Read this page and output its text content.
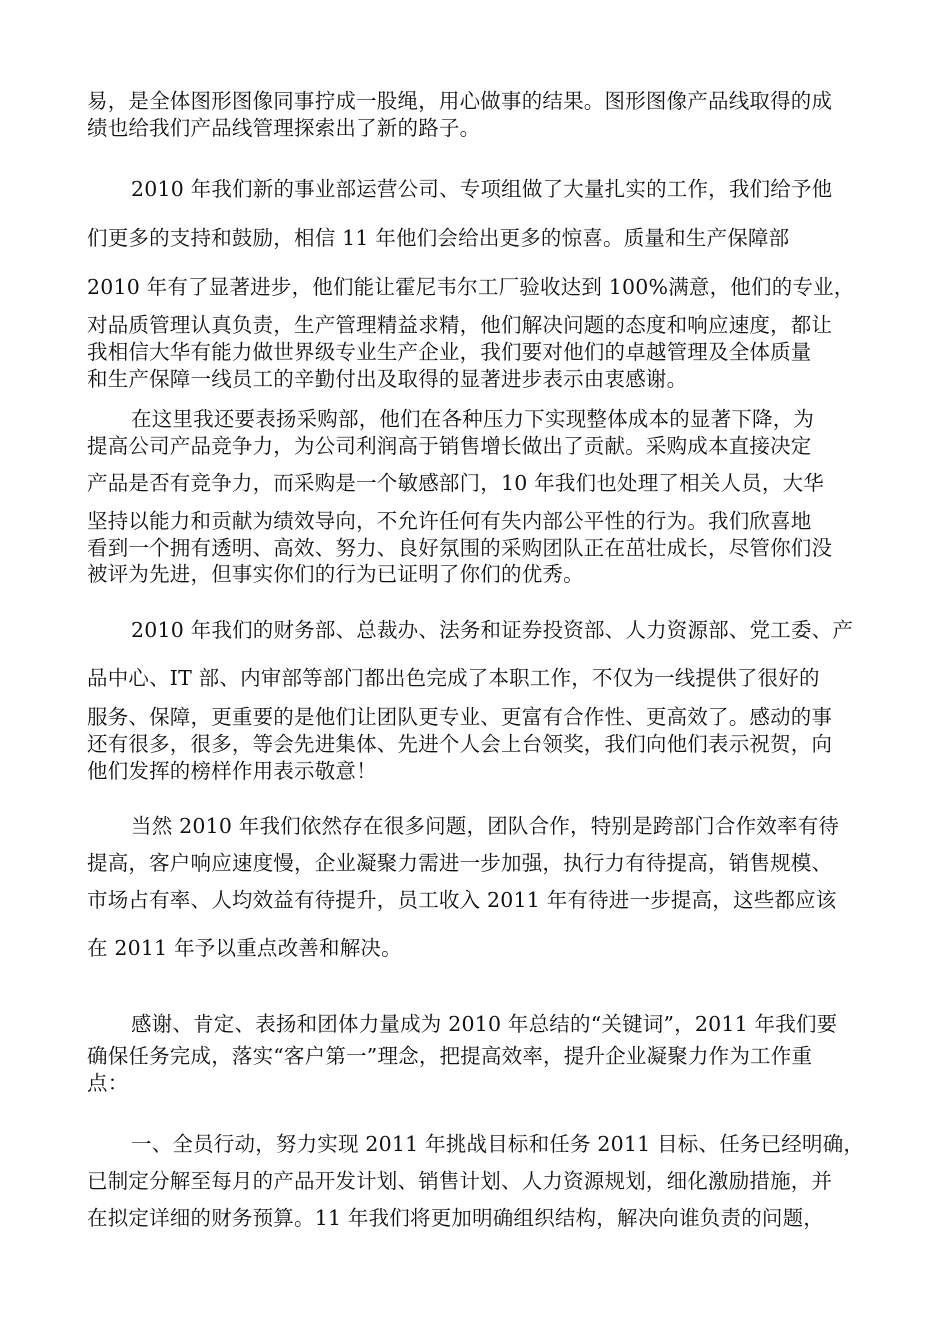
易，是全体图形图像同事拧成一股绳，用心做事的结果。图形图像产品线取得的成
绩也给我们产品线管理探索出了新的路子。
2010 年我们新的事业部运营公司、专项组做了大量扎实的工作，我们给予他
们更多的支持和鼓励，相信 11 年他们会给出更多的惊喜。质量和生产保障部
2010 年有了显著进步，他们能让霍尼韦尔工厂验收达到 100%满意，他们的专业，
对品质管理认真负责，生产管理精益求精，他们解决问题的态度和响应速度，都让
我相信大华有能力做世界级专业生产企业，我们要对他们的卓越管理及全体质量
和生产保障一线员工的辛勤付出及取得的显著进步表示由衷感谢。
在这里我还要表扬采购部，他们在各种压力下实现整体成本的显著下降，为
提高公司产品竞争力，为公司利润高于销售增长做出了贡献。采购成本直接决定
产品是否有竞争力，而采购是一个敏感部门，10 年我们也处理了相关人员，大华
坚持以能力和贡献为绩效导向，不允许任何有失内部公平性的行为。我们欣喜地
看到一个拥有透明、高效、努力、良好氛围的采购团队正在茁壮成长，尽管你们没
被评为先进，但事实你们的行为已证明了你们的优秀。
2010 年我们的财务部、总裁办、法务和证券投资部、人力资源部、党工委、产
品中心、IT 部、内审部等部门都出色完成了本职工作，不仅为一线提供了很好的
服务、保障，更重要的是他们让团队更专业、更富有合作性、更高效了。感动的事
还有很多，很多，等会先进集体、先进个人会上台领奖，我们向他们表示祝贺，向
他们发挥的榜样作用表示敬意！
当然 2010 年我们依然存在很多问题，团队合作，特别是跨部门合作效率有待
提高，客户响应速度慢，企业凝聚力需进一步加强，执行力有待提高，销售规模、
市场占有率、人均效益有待提升，员工收入 2011 年有待进一步提高，这些都应该
在 2011 年予以重点改善和解决。
感谢、肯定、表扬和团体力量成为 2010 年总结的“关键词”，2011 年我们要
确保任务完成，落实“客户第一”理念，把提高效率，提升企业凝聚力作为工作重
点：
一、全员行动，努力实现 2011 年挑战目标和任务 2011 目标、任务已经明确，
已制定分解至每月的产品开发计划、销售计划、人力资源规划，细化激励措施，并
在拟定详细的财务预算。11 年我们将更加明确组织结构，解决向谁负责的问题，
